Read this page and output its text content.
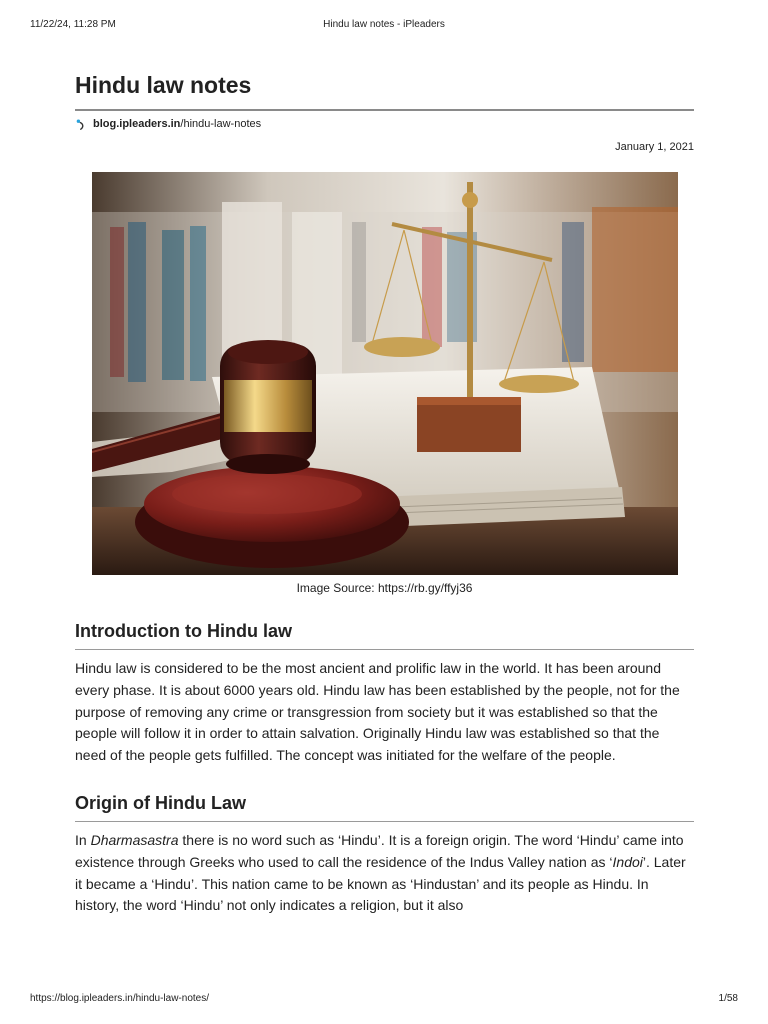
11/22/24, 11:28 PM	Hindu law notes - iPleaders
Hindu law notes
blog.ipleaders.in/hindu-law-notes
January 1, 2021
Image Source: https://rb.gy/ffyj36
Introduction to Hindu law

Hindu law is considered to be the most ancient and prolific law in the world. It has been around every phase. It is about 6000 years old. Hindu law has been established by the people, not for the purpose of removing any crime or transgression from society but it was established so that the people will follow it in order to attain salvation. Originally Hindu law was established so that the need of the people gets fulfilled. The concept was initiated for the welfare of the people.

Origin of Hindu Law

In Dharmasastra there is no word such as ‘Hindu’. It is a foreign origin. The word ‘Hindu’ came into existence through Greeks who used to call the residence of the Indus Valley nation as ‘Indoi’. Later it became a ‘Hindu’. This nation came to be known as ‘Hindustan’ and its people as Hindu. In history, the word ‘Hindu’ not only indicates a religion, but it also

https://blog.ipleaders.in/hindu-law-notes/	1/58
